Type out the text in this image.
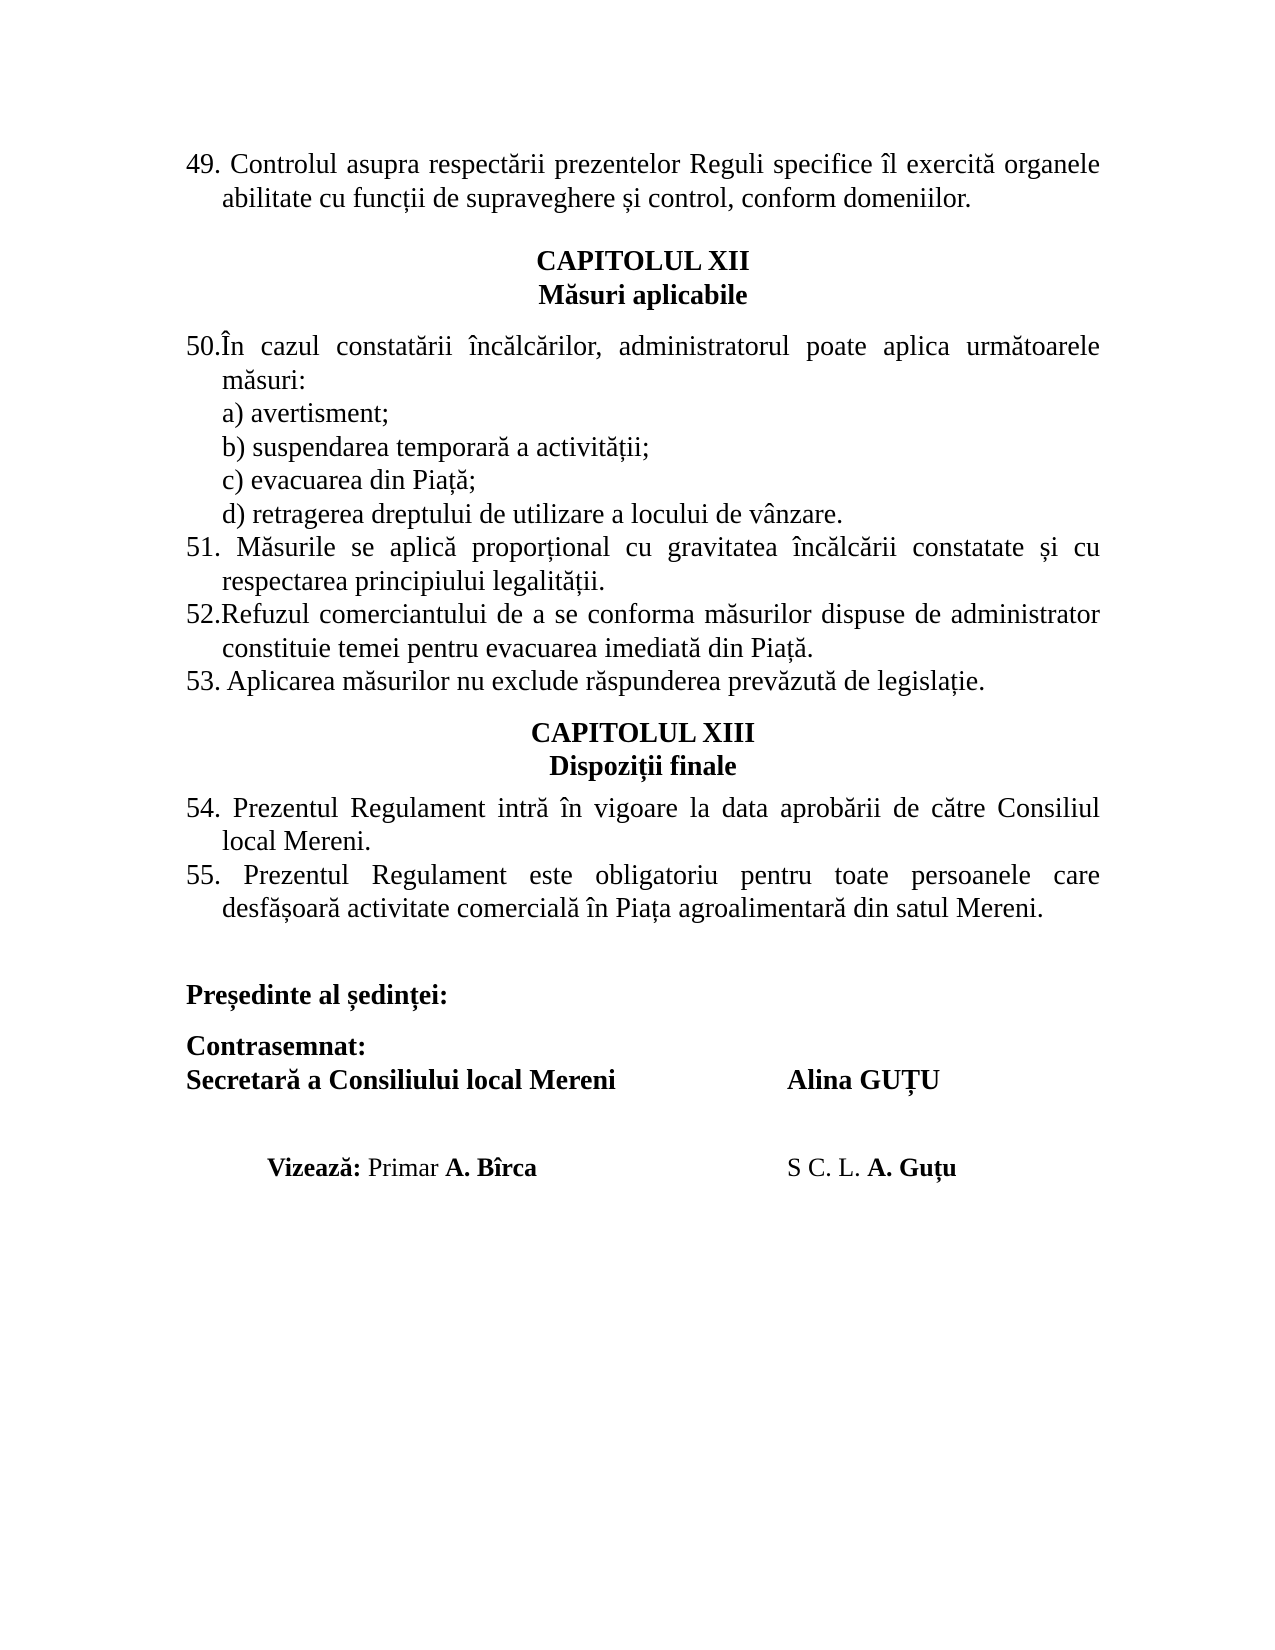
49. Controlul asupra respectării prezentelor Reguli specifice îl exercită organele abilitate cu funcții de supraveghere și control, conform domeniilor.
CAPITOLUL XII
Măsuri aplicabile
50.În cazul constatării încălcărilor, administratorul poate aplica următoarele măsuri:
a) avertisment;
b) suspendarea temporară a activității;
c) evacuarea din Piață;
d) retragerea dreptului de utilizare a locului de vânzare.
51. Măsurile se aplică proporțional cu gravitatea încălcării constatate și cu respectarea principiului legalității.
52.Refuzul comerciantului de a se conforma măsurilor dispuse de administrator constituie temei pentru evacuarea imediată din Piață.
53. Aplicarea măsurilor nu exclude răspunderea prevăzută de legislație.
CAPITOLUL XIII
Dispoziții finale
54. Prezentul Regulament intră în vigoare la data aprobării de către Consiliul local Mereni.
55. Prezentul Regulament este obligatoriu pentru toate persoanele care desfășoară activitate comercială în Piața agroalimentară din satul Mereni.
Președinte al ședinței:
Contrasemnat:
Secretară a Consiliului local Mereni	Alina GUȚU
Vizează: Primar A. Bîrca	S C. L. A. Guțu
